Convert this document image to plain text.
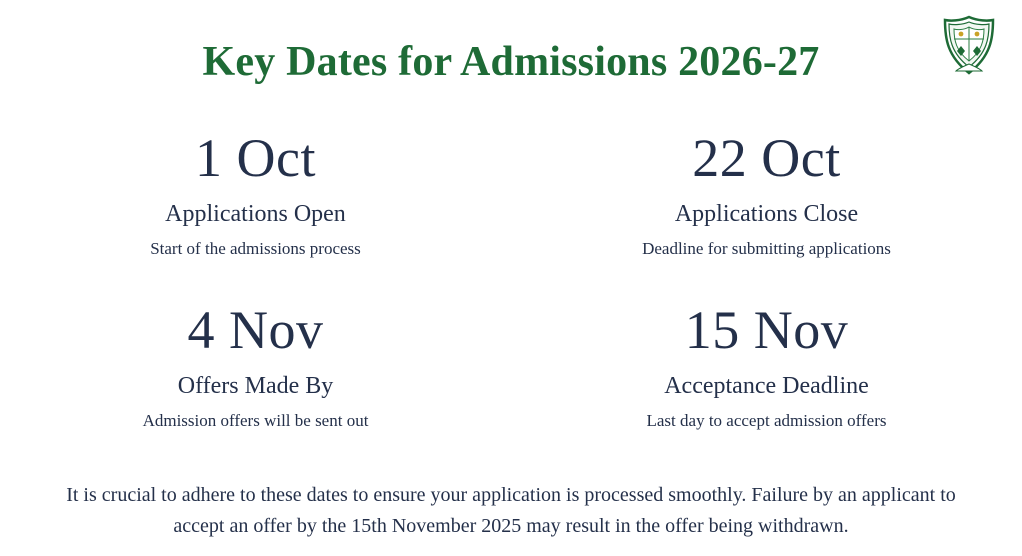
Key Dates for Admissions 2026-27
1 Oct
Applications Open
Start of the admissions process
22 Oct
Applications Close
Deadline for submitting applications
4 Nov
Offers Made By
Admission offers will be sent out
15 Nov
Acceptance Deadline
Last day to accept admission offers
It is crucial to adhere to these dates to ensure your application is processed smoothly. Failure by an applicant to accept an offer by the 15th November 2025 may result in the offer being withdrawn.
